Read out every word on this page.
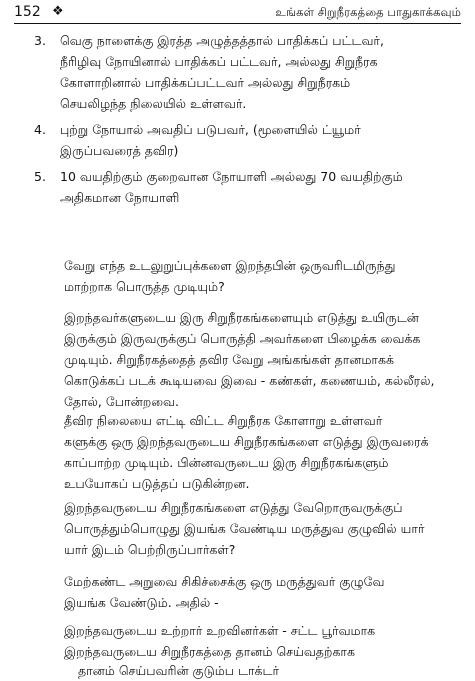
152 ❖	உங்கள் சிறுநீரகத்தை பாதுகாக்கவும்
3. வெகு நாளைக்கு இரத்த அழுத்தத்தால் பாதிக்கப் பட்டவர்,
நீரிழிவு நோயினால் பாதிக்கப் பட்டவர், அல்லது சிறுநீரக
கோளாறினால் பாதிக்கப்பட்டவர் அல்லது சிறுநீரகம்
செயலிழந்த நிலையில் உள்ளவர்.
4. புற்று நோயால் அவதிப் படுபவர், (மூளையில் ட்யூமர்
இருப்பவரைத் தவிர)
5. 10 வயதிற்கும் குறைவான நோயாளி அல்லது 70 வயதிற்கும்
அதிகமான நோயாளி
வேறு எந்த உடலுறுப்புக்களை இறந்தபின் ஒருவரிடமிருந்து
மாற்றாக பொருத்த முடியும்?
இறந்தவர்களுடைய இரு சிறுநீரகங்களையும் எடுத்து உயிருடன்
இருக்கும் இருவருக்குப் பொருத்தி அவர்களை பிழைக்க வைக்க
முடியும். சிறுநீரகத்தைத் தவிர வேறு அங்கங்கள் தானமாகக்
கொடுக்கப் படக் கூடியவை இவை - கண்கள், கணையம், கல்லீரல்,
தோல், போன்றவை.
தீவிர நிலையை எட்டி விட்ட சிறுநீரக கோளாறு உள்ளவர்
களுக்கு ஒரு இறந்தவருடைய சிறுநீரகங்களை எடுத்து இருவரைக்
காப்பாற்ற முடியும். பின்னவருடைய இரு சிறுநீரகங்களும்
உபயோகப் படுத்தப் படுகின்றன.
இறந்தவருடைய சிறுநீரகங்களை எடுத்து வேறொருவருக்குப்
பொருத்தும்பொழுது இயங்க வேண்டிய மருத்துவ குழுவில் யார்
யார் இடம் பெற்றிருப்பார்கள்?
மேற்கண்ட அறுவை சிகிச்சைக்கு ஒரு மருத்துவர் குழுவே
இயங்க வேண்டும். அதில் -
இறந்தவருடைய உற்றார் உறவினர்கள் - சட்ட பூர்வமாக
இறந்தவருடைய சிறுநீரகத்தை தானம் செய்வதற்காக
தானம் செய்பவரின் குடும்ப டாக்டர்
